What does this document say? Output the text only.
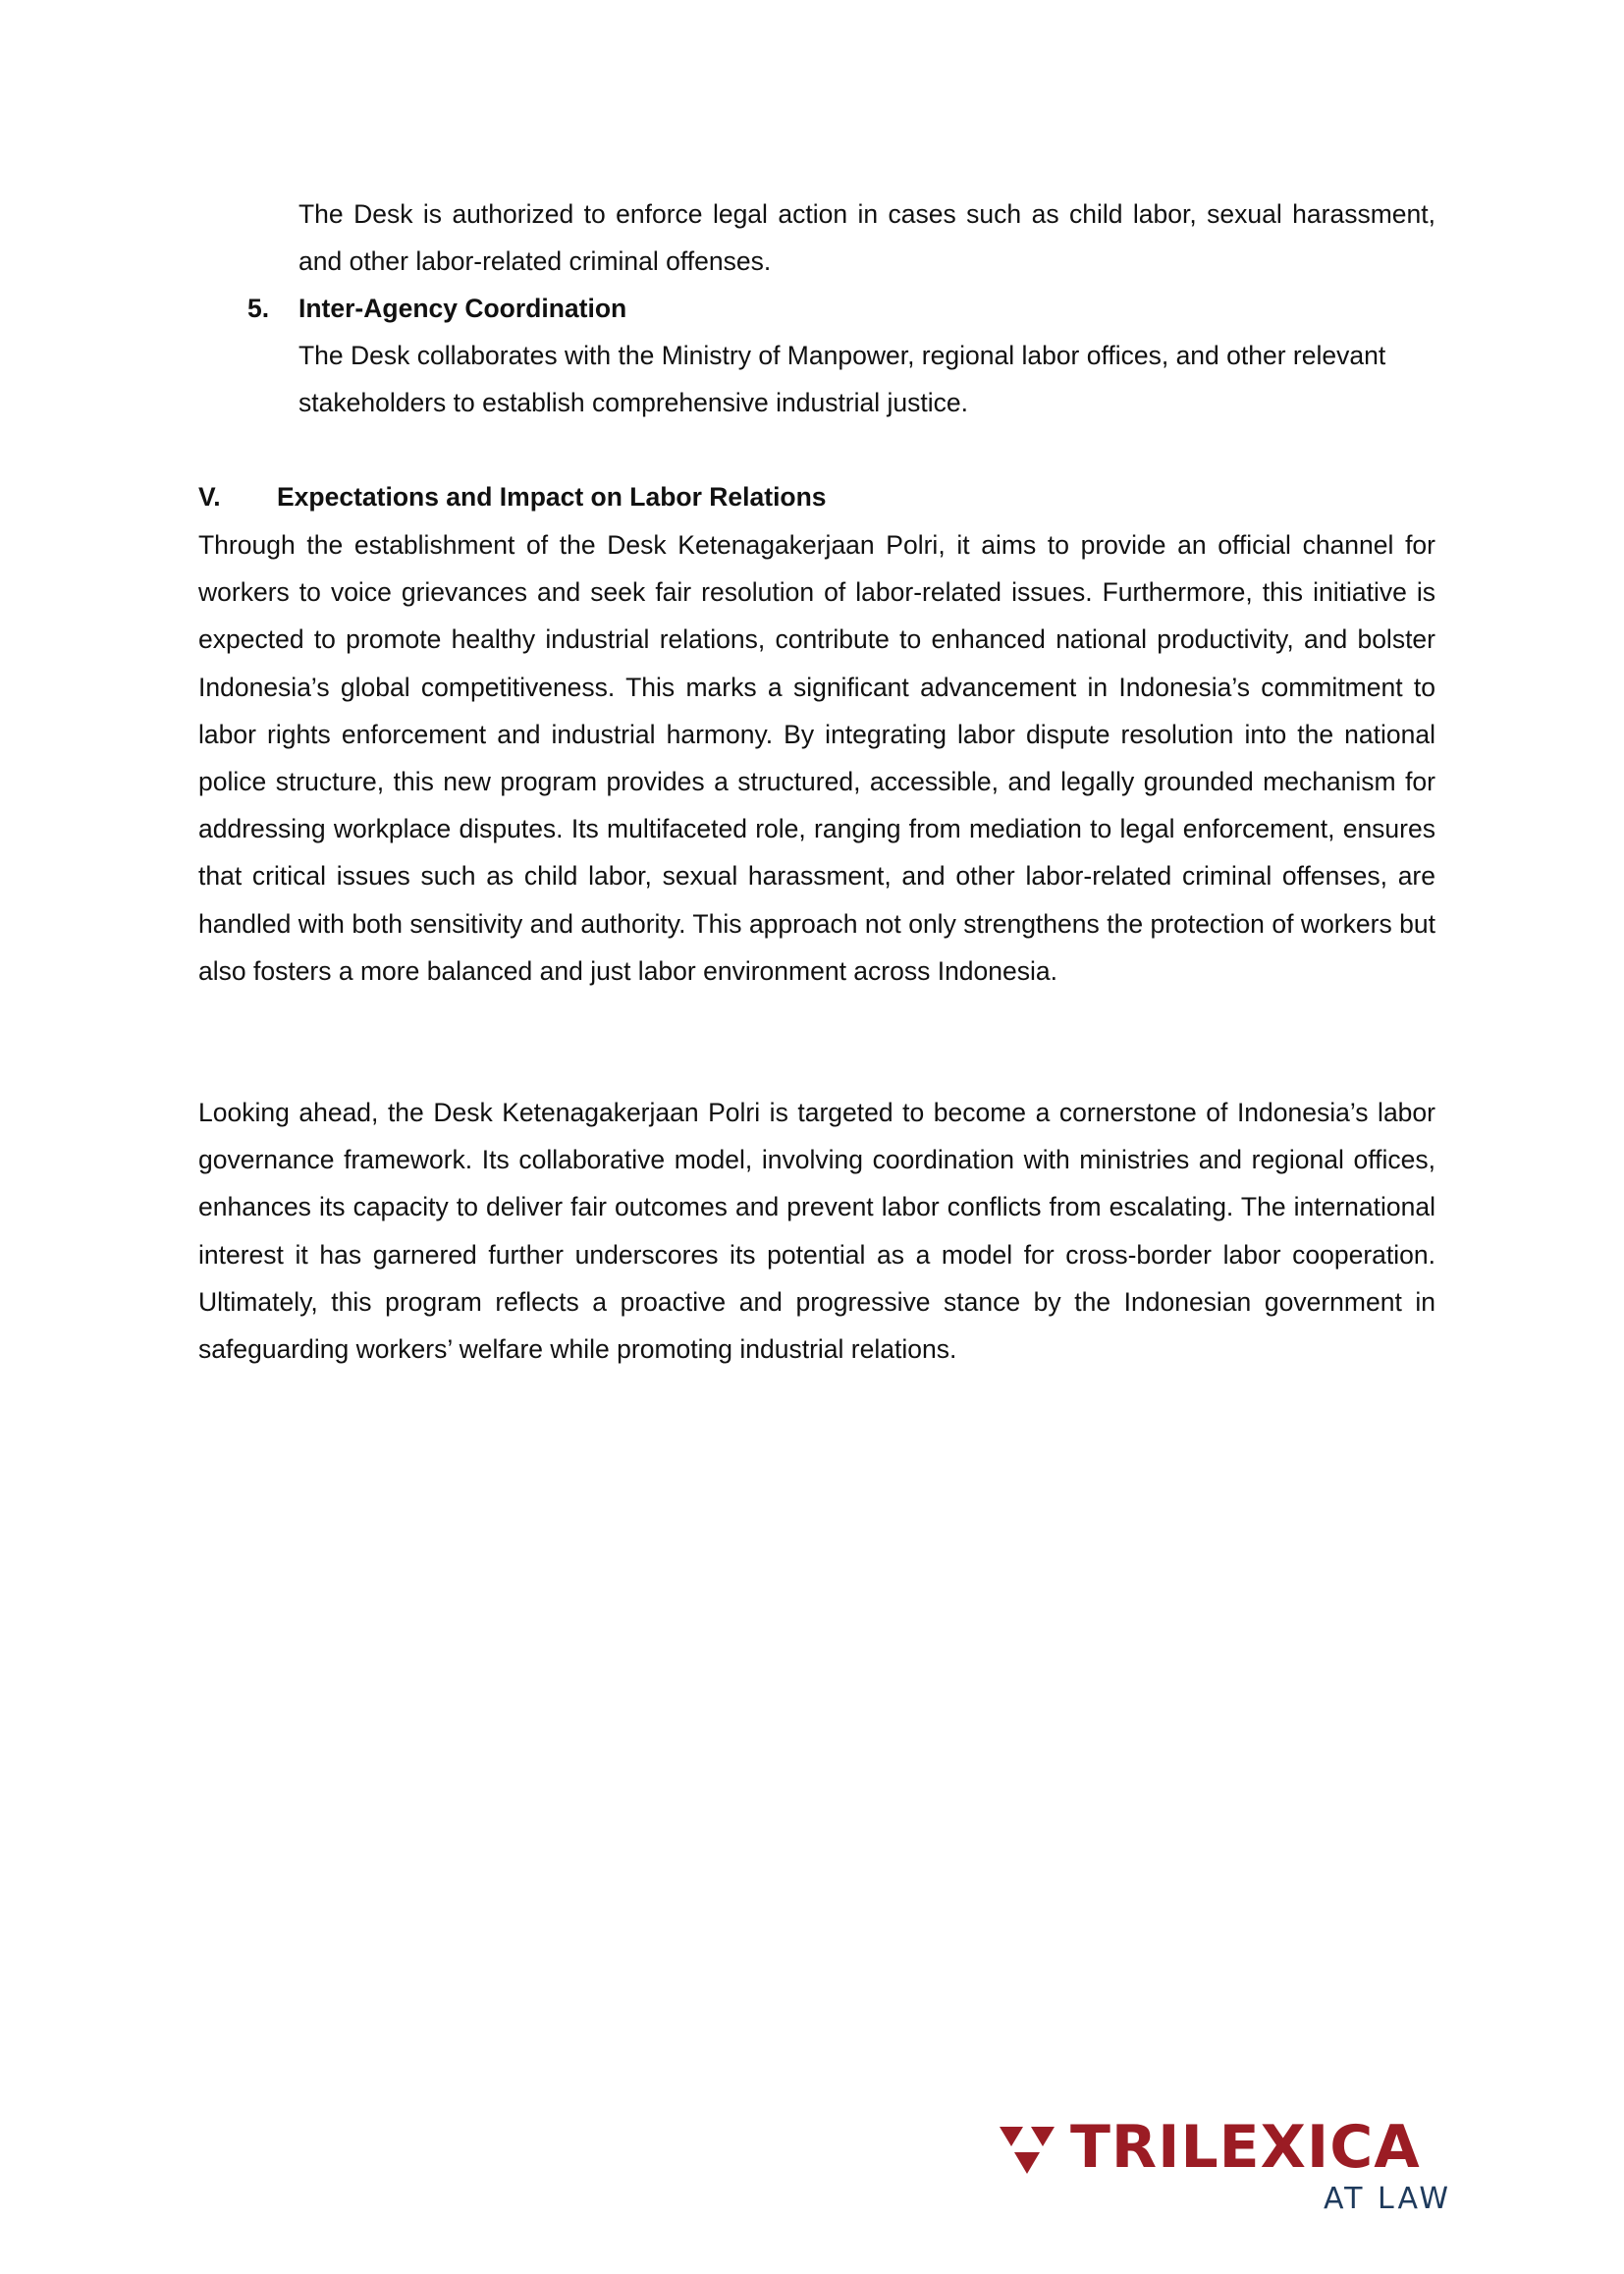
The Desk is authorized to enforce legal action in cases such as child labor, sexual harassment, and other labor-related criminal offenses.
5. Inter-Agency Coordination
The Desk collaborates with the Ministry of Manpower, regional labor offices, and other relevant stakeholders to establish comprehensive industrial justice.
V. Expectations and Impact on Labor Relations
Through the establishment of the Desk Ketenagakerjaan Polri, it aims to provide an official channel for workers to voice grievances and seek fair resolution of labor-related issues. Furthermore, this initiative is expected to promote healthy industrial relations, contribute to enhanced national productivity, and bolster Indonesia’s global competitiveness. This marks a significant advancement in Indonesia’s commitment to labor rights enforcement and industrial harmony. By integrating labor dispute resolution into the national police structure, this new program provides a structured, accessible, and legally grounded mechanism for addressing workplace disputes. Its multifaceted role, ranging from mediation to legal enforcement, ensures that critical issues such as child labor, sexual harassment, and other labor-related criminal offenses, are handled with both sensitivity and authority. This approach not only strengthens the protection of workers but also fosters a more balanced and just labor environment across Indonesia.
Looking ahead, the Desk Ketenagakerjaan Polri is targeted to become a cornerstone of Indonesia’s labor governance framework. Its collaborative model, involving coordination with ministries and regional offices, enhances its capacity to deliver fair outcomes and prevent labor conflicts from escalating. The international interest it has garnered further underscores its potential as a model for cross-border labor cooperation. Ultimately, this program reflects a proactive and progressive stance by the Indonesian government in safeguarding workers’ welfare while promoting industrial relations.
TRILEXICA
AT LAW
